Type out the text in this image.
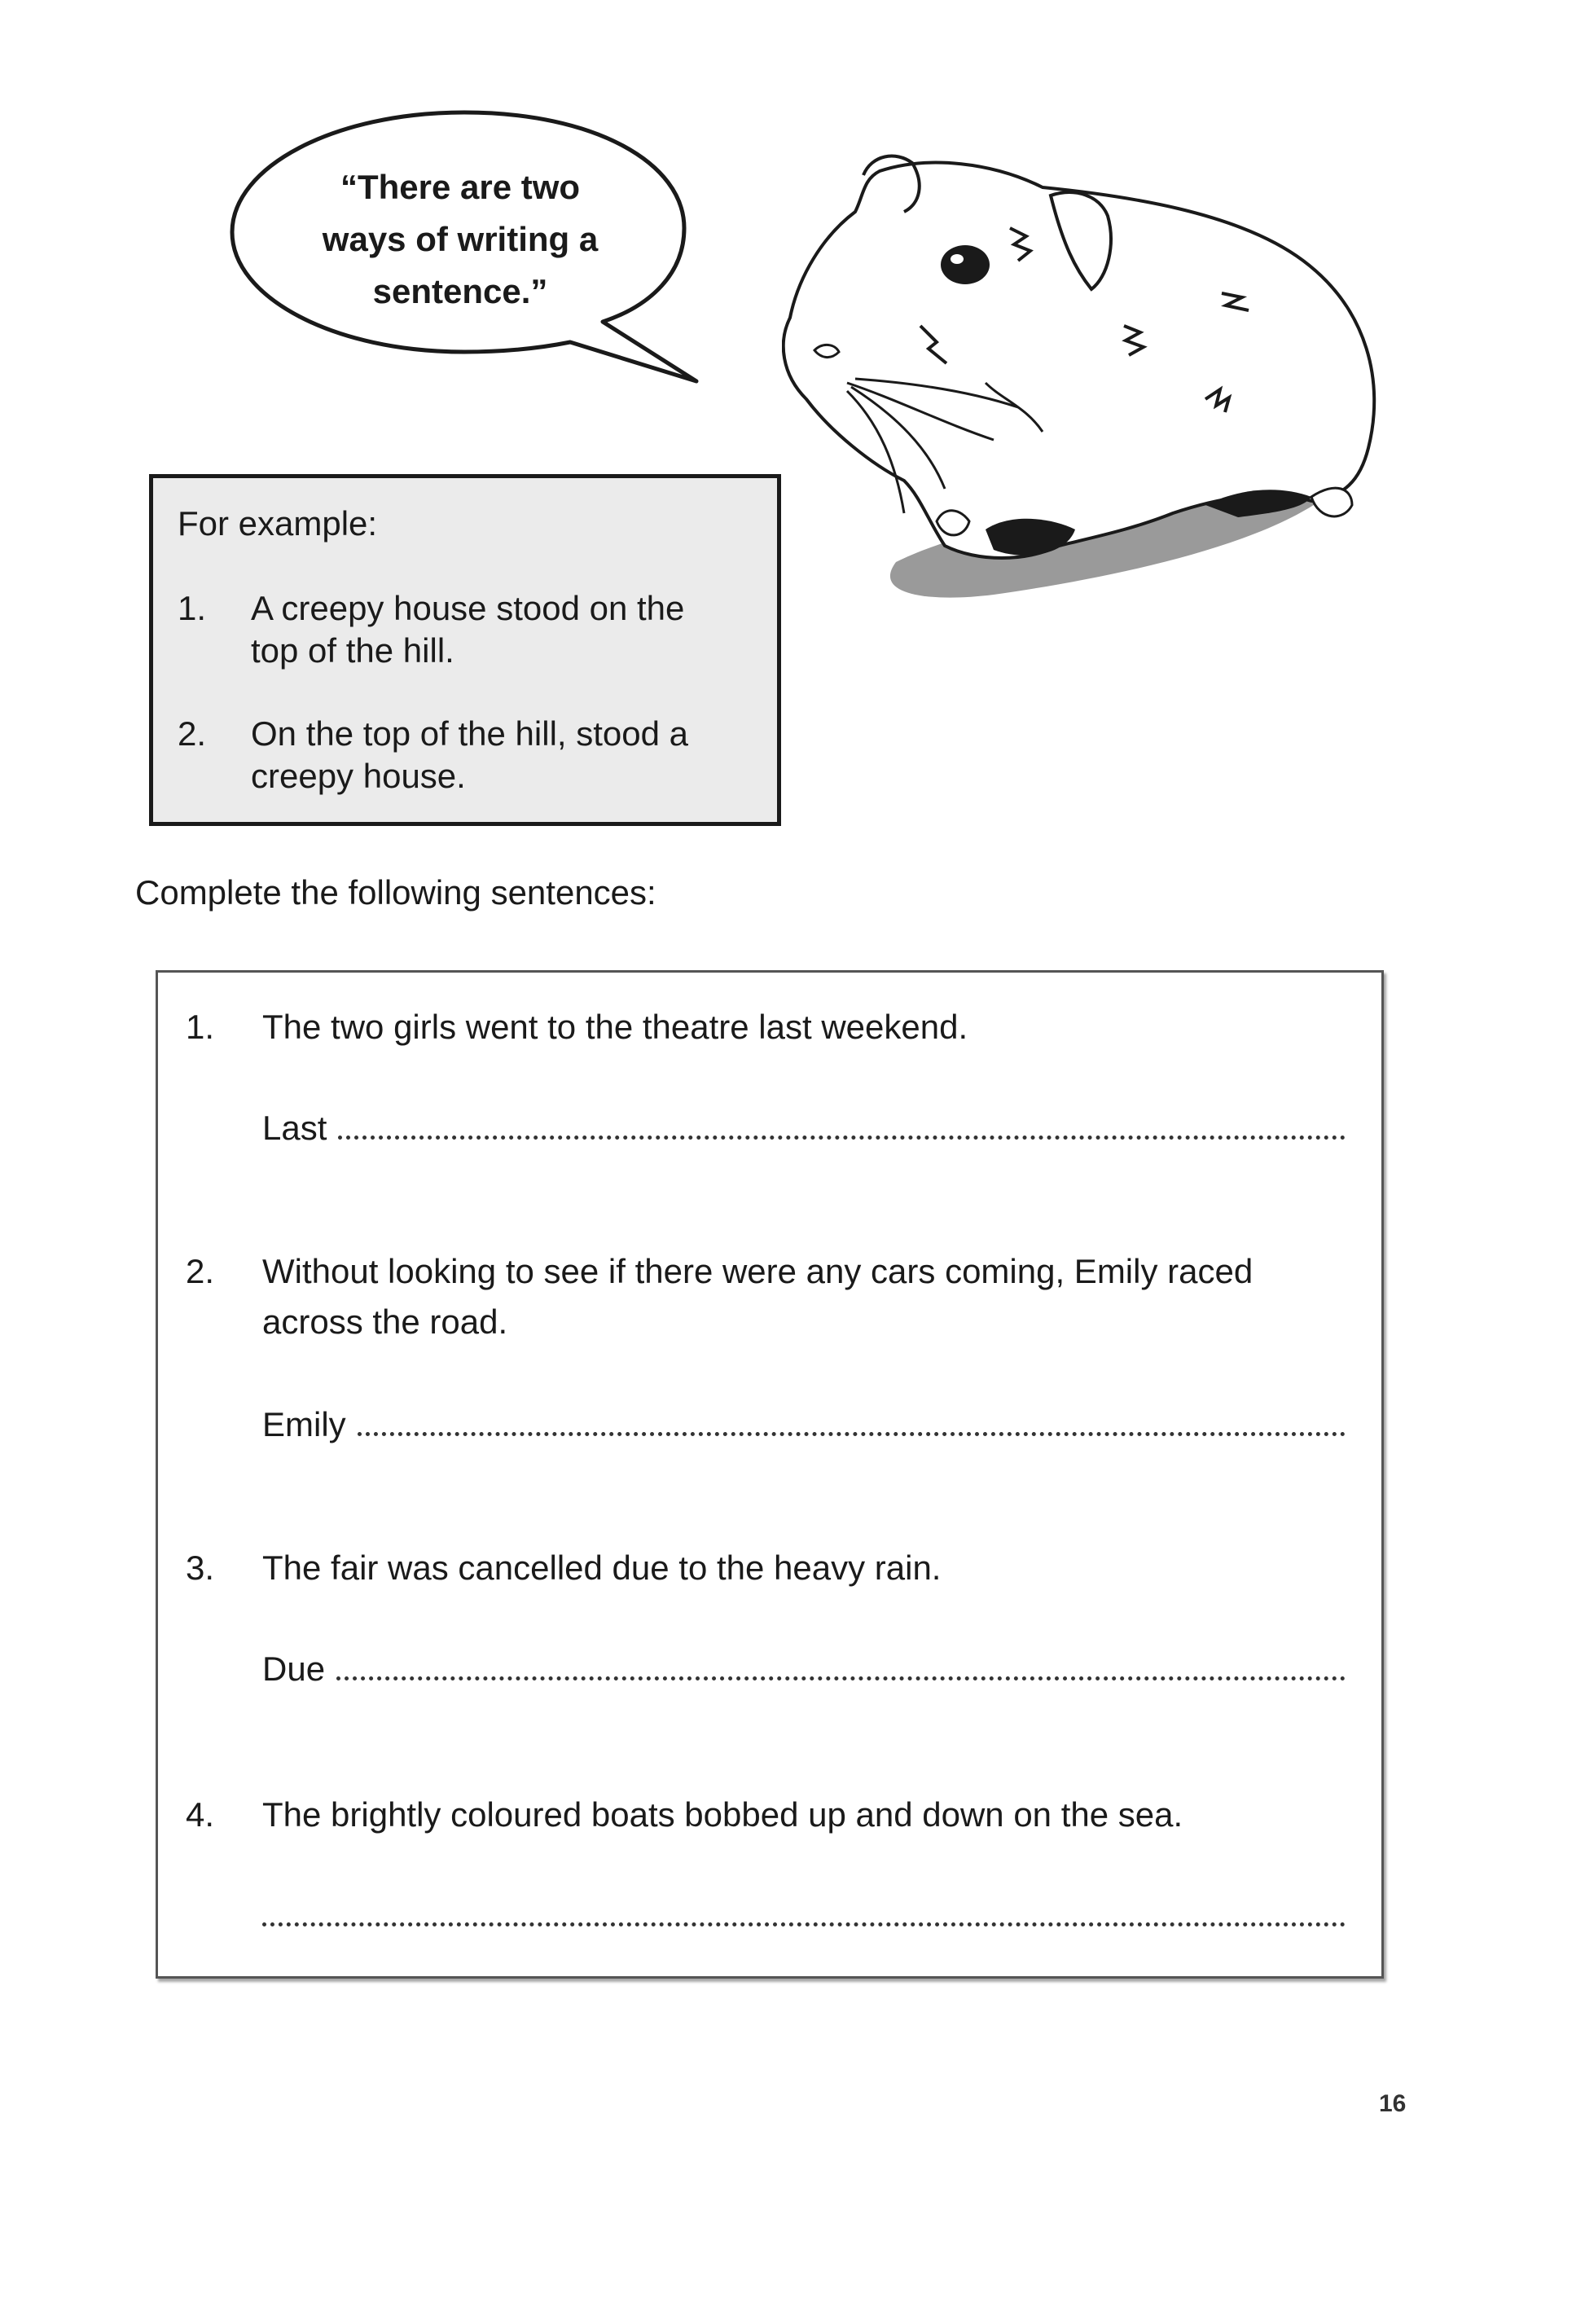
“There are two
ways of writing a
sentence.”
For example:
1.	A creepy house stood on the top of the hill.
2.	On the top of the hill, stood a creepy house.
Complete the following sentences:
1. The two girls went to the theatre last weekend.
Last
2. Without looking to see if there were any cars coming, Emily raced across the road.
Emily
3. The fair was cancelled due to the heavy rain.
Due
4. The brightly coloured boats bobbed up and down on the sea.
16
